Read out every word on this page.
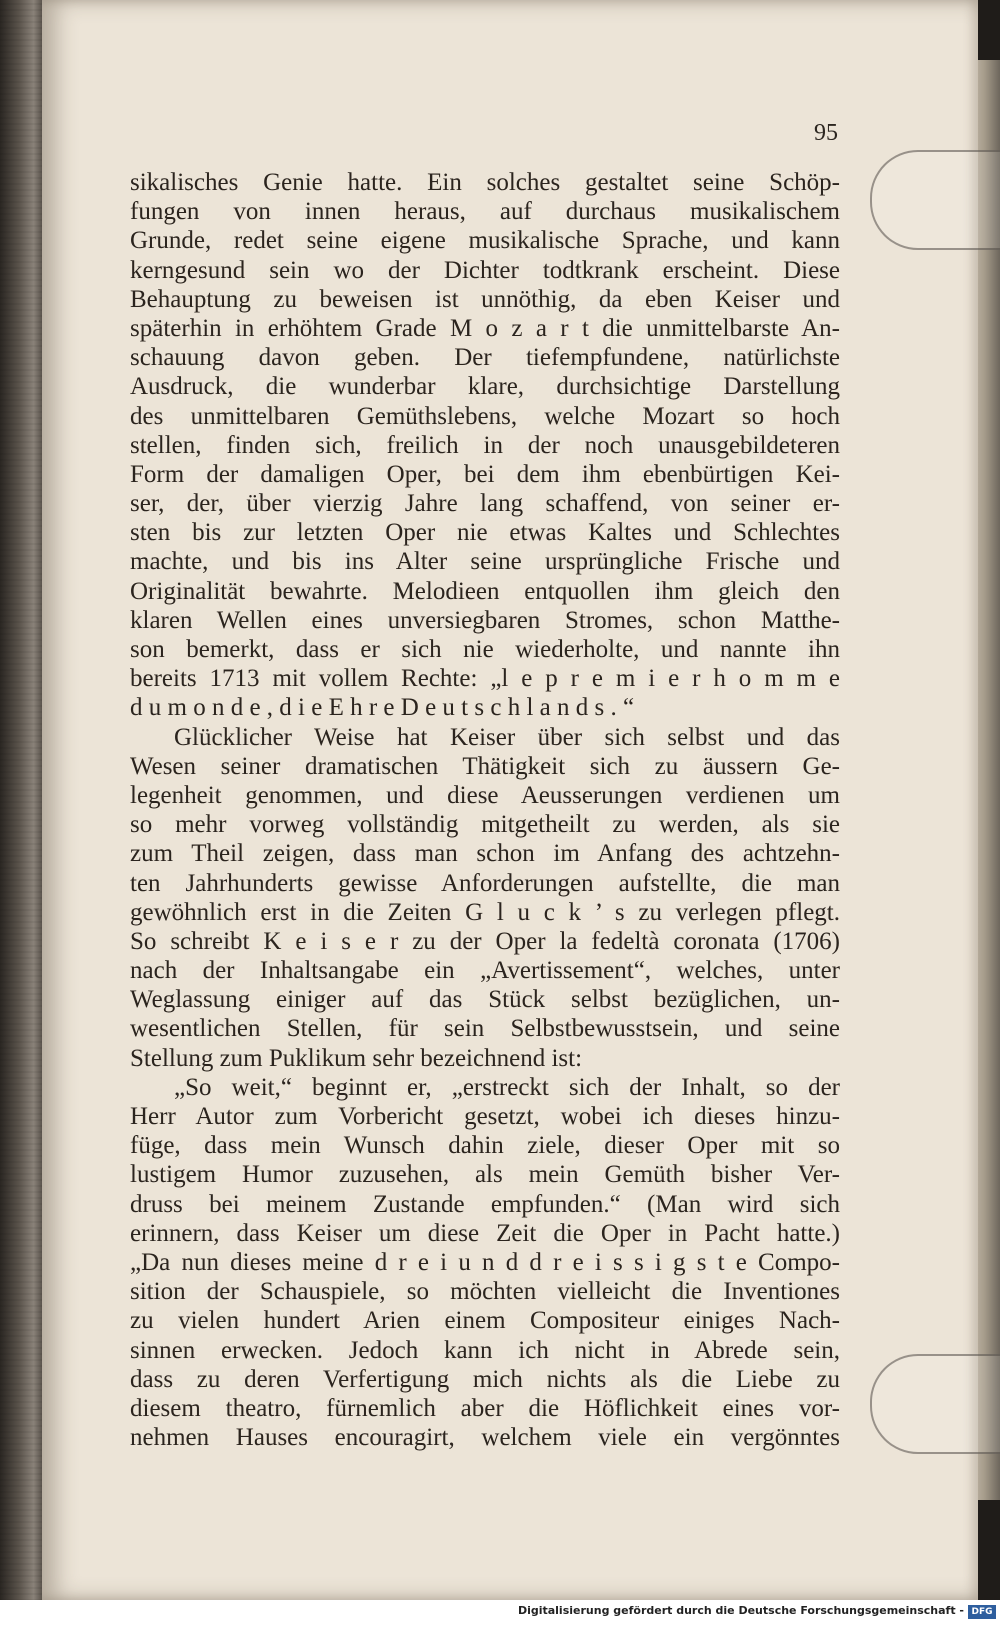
95
sikalisches Genie hatte. Ein solches gestaltet seine Schöp-
fungen von innen heraus, auf durchaus musikalischem
Grunde, redet seine eigene musikalische Sprache, und kann
kerngesund sein wo der Dichter todtkrank erscheint. Diese
Behauptung zu beweisen ist unnöthig, da eben Keiser und
späterhin in erhöhtem Grade M o z a r t die unmittelbarste An-
schauung davon geben. Der tiefempfundene, natürlichste
Ausdruck, die wunderbar klare, durchsichtige Darstellung
des unmittelbaren Gemüthslebens, welche Mozart so hoch
stellen, finden sich, freilich in der noch unausgebildeteren
Form der damaligen Oper, bei dem ihm ebenbürtigen Kei-
ser, der, über vierzig Jahre lang schaffend, von seiner er-
sten bis zur letzten Oper nie etwas Kaltes und Schlechtes
machte, und bis ins Alter seine ursprüngliche Frische und
Originalität bewahrte. Melodieen entquollen ihm gleich den
klaren Wellen eines unversiegbaren Stromes, schon Matthe-
son bemerkt, dass er sich nie wiederholte, und nannte ihn
bereits 1713 mit vollem Rechte: „l e p r e m i e r h o m m e
d u m o n d e , d i e E h r e D e u t s c h l a n d s . “
Glücklicher Weise hat Keiser über sich selbst und das
Wesen seiner dramatischen Thätigkeit sich zu äussern Ge-
legenheit genommen, und diese Aeusserungen verdienen um
so mehr vorweg vollständig mitgetheilt zu werden, als sie
zum Theil zeigen, dass man schon im Anfang des achtzehn-
ten Jahrhunderts gewisse Anforderungen aufstellte, die man
gewöhnlich erst in die Zeiten G l u c k ’ s zu verlegen pflegt.
So schreibt K e i s e r zu der Oper la fedeltà coronata (1706)
nach der Inhaltsangabe ein „Avertissement“, welches, unter
Weglassung einiger auf das Stück selbst bezüglichen, un-
wesentlichen Stellen, für sein Selbstbewusstsein, und seine
Stellung zum Puklikum sehr bezeichnend ist:
„So weit,“ beginnt er, „erstreckt sich der Inhalt, so der
Herr Autor zum Vorbericht gesetzt, wobei ich dieses hinzu-
füge, dass mein Wunsch dahin ziele, dieser Oper mit so
lustigem Humor zuzusehen, als mein Gemüth bisher Ver-
druss bei meinem Zustande empfunden.“ (Man wird sich
erinnern, dass Keiser um diese Zeit die Oper in Pacht hatte.)
„Da nun dieses meine d r e i u n d d r e i s s i g s t e Compo-
sition der Schauspiele, so möchten vielleicht die Inventiones
zu vielen hundert Arien einem Compositeur einiges Nach-
sinnen erwecken. Jedoch kann ich nicht in Abrede sein,
dass zu deren Verfertigung mich nichts als die Liebe zu
diesem theatro, fürnemlich aber die Höflichkeit eines vor-
nehmen Hauses encouragirt, welchem viele ein vergönntes
Digitalisierung gefördert durch die Deutsche Forschungsgemeinschaft - DFG
